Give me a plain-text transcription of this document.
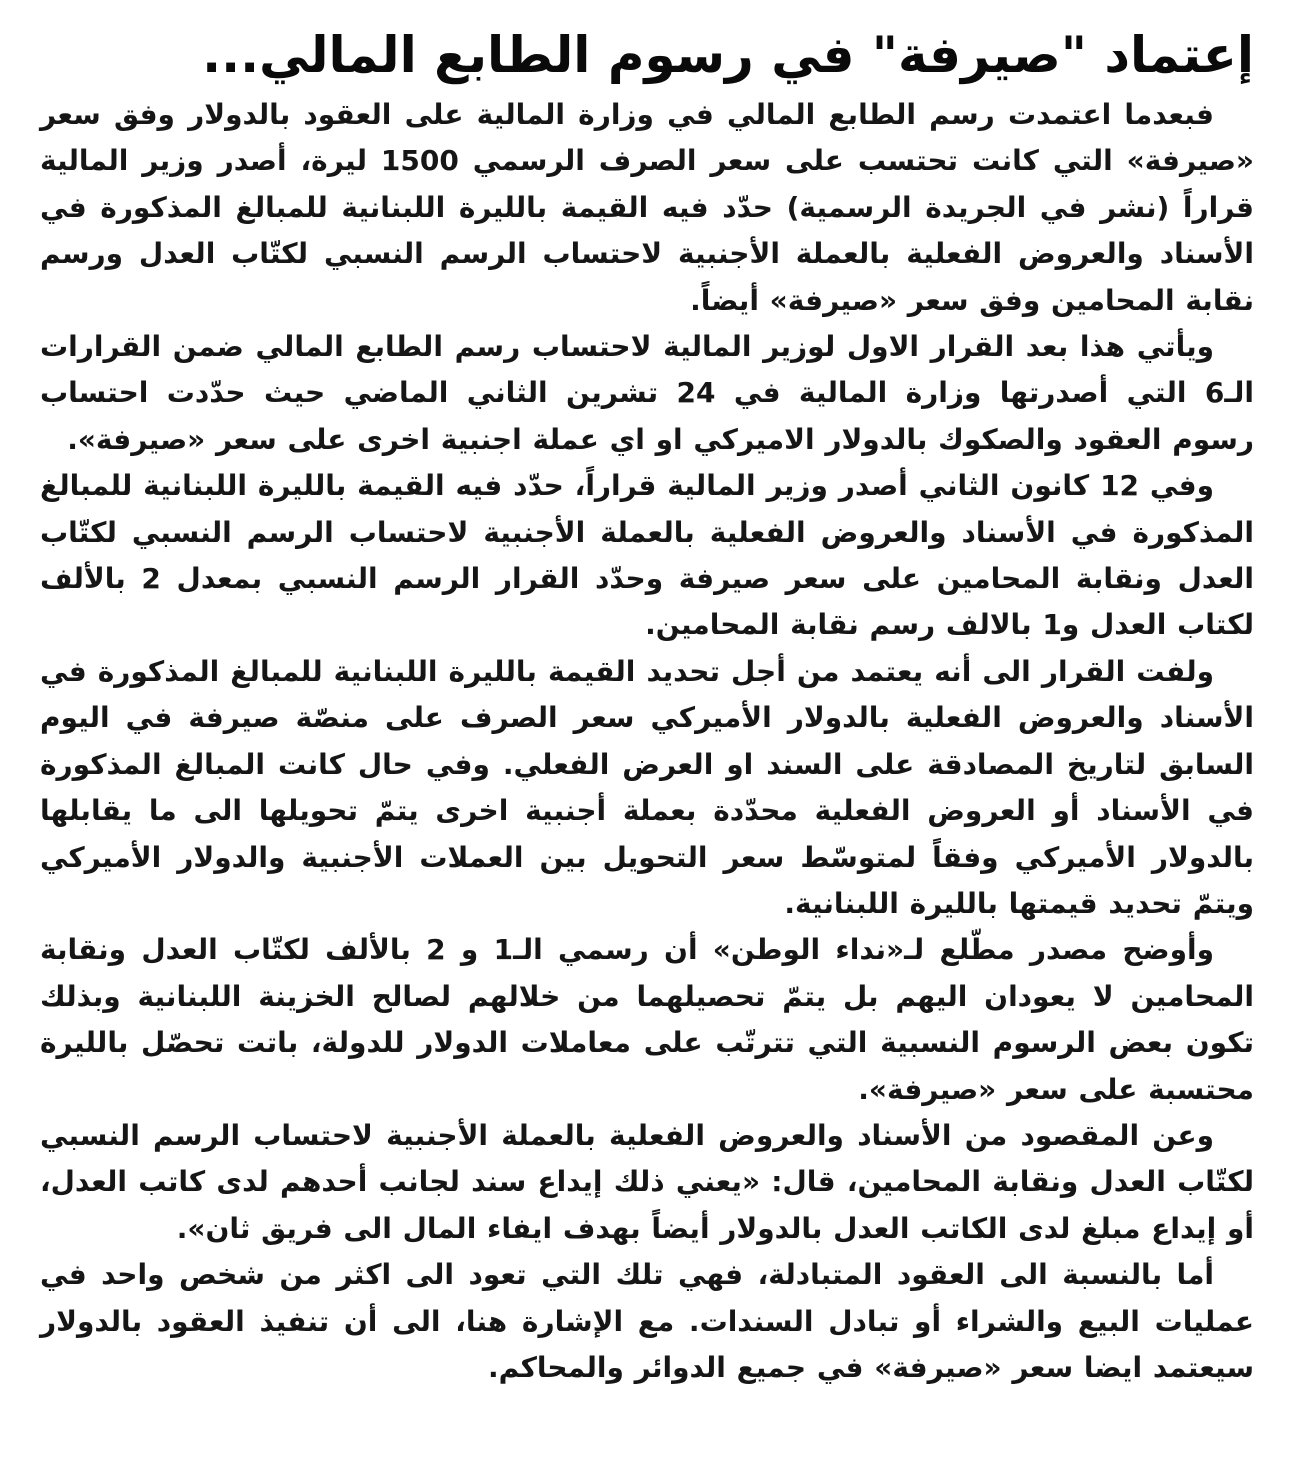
إعتماد "صيرفة" في رسوم الطابع المالي...

فبعدما اعتمدت رسم الطابع المالي في وزارة المالية على العقود بالدولار وفق سعر «صيرفة» التي كانت تحتسب على سعر الصرف الرسمي 1500 ليرة، أصدر وزير المالية قراراً (نشر في الجريدة الرسمية) حدّد فيه القيمة بالليرة اللبنانية للمبالغ المذكورة في الأسناد والعروض الفعلية بالعملة الأجنبية لاحتساب الرسم النسبي لكتّاب العدل ورسم نقابة المحامين وفق سعر «صيرفة» أيضاً.

ويأتي هذا بعد القرار الاول لوزير المالية لاحتساب رسم الطابع المالي ضمن القرارات الـ6 التي أصدرتها وزارة المالية في 24 تشرين الثاني الماضي حيث حدّدت احتساب رسوم العقود والصكوك بالدولار الاميركي او اي عملة اجنبية اخرى على سعر «صيرفة».

وفي 12 كانون الثاني أصدر وزير المالية قراراً، حدّد فيه القيمة بالليرة اللبنانية للمبالغ المذكورة في الأسناد والعروض الفعلية بالعملة الأجنبية لاحتساب الرسم النسبي لكتّاب العدل ونقابة المحامين على سعر صيرفة وحدّد القرار الرسم النسبي بمعدل 2 بالألف لكتاب العدل و1 بالالف رسم نقابة المحامين.

ولفت القرار الى أنه يعتمد من أجل تحديد القيمة بالليرة اللبنانية للمبالغ المذكورة في الأسناد والعروض الفعلية بالدولار الأميركي سعر الصرف على منصّة صيرفة في اليوم السابق لتاريخ المصادقة على السند او العرض الفعلي. وفي حال كانت المبالغ المذكورة في الأسناد أو العروض الفعلية محدّدة بعملة أجنبية اخرى يتمّ تحويلها الى ما يقابلها بالدولار الأميركي وفقاً لمتوسّط سعر التحويل بين العملات الأجنبية والدولار الأميركي ويتمّ تحديد قيمتها بالليرة اللبنانية.

وأوضح مصدر مطّلع لـ«نداء الوطن» أن رسمي الـ1 و 2 بالألف لكتّاب العدل ونقابة المحامين لا يعودان اليهم بل يتمّ تحصيلهما من خلالهم لصالح الخزينة اللبنانية وبذلك تكون بعض الرسوم النسبية التي تترتّب على معاملات الدولار للدولة، باتت تحصّل بالليرة محتسبة على سعر «صيرفة».

وعن المقصود من الأسناد والعروض الفعلية بالعملة الأجنبية لاحتساب الرسم النسبي لكتّاب العدل ونقابة المحامين، قال: «يعني ذلك إيداع سند لجانب أحدهم لدى كاتب العدل، أو إيداع مبلغ لدى الكاتب العدل بالدولار أيضاً بهدف ايفاء المال الى فريق ثان».

أما بالنسبة الى العقود المتبادلة، فهي تلك التي تعود الى اكثر من شخص واحد في عمليات البيع والشراء أو تبادل السندات. مع الإشارة هنا، الى أن تنفيذ العقود بالدولار سيعتمد ايضا سعر «صيرفة» في جميع الدوائر والمحاكم.
